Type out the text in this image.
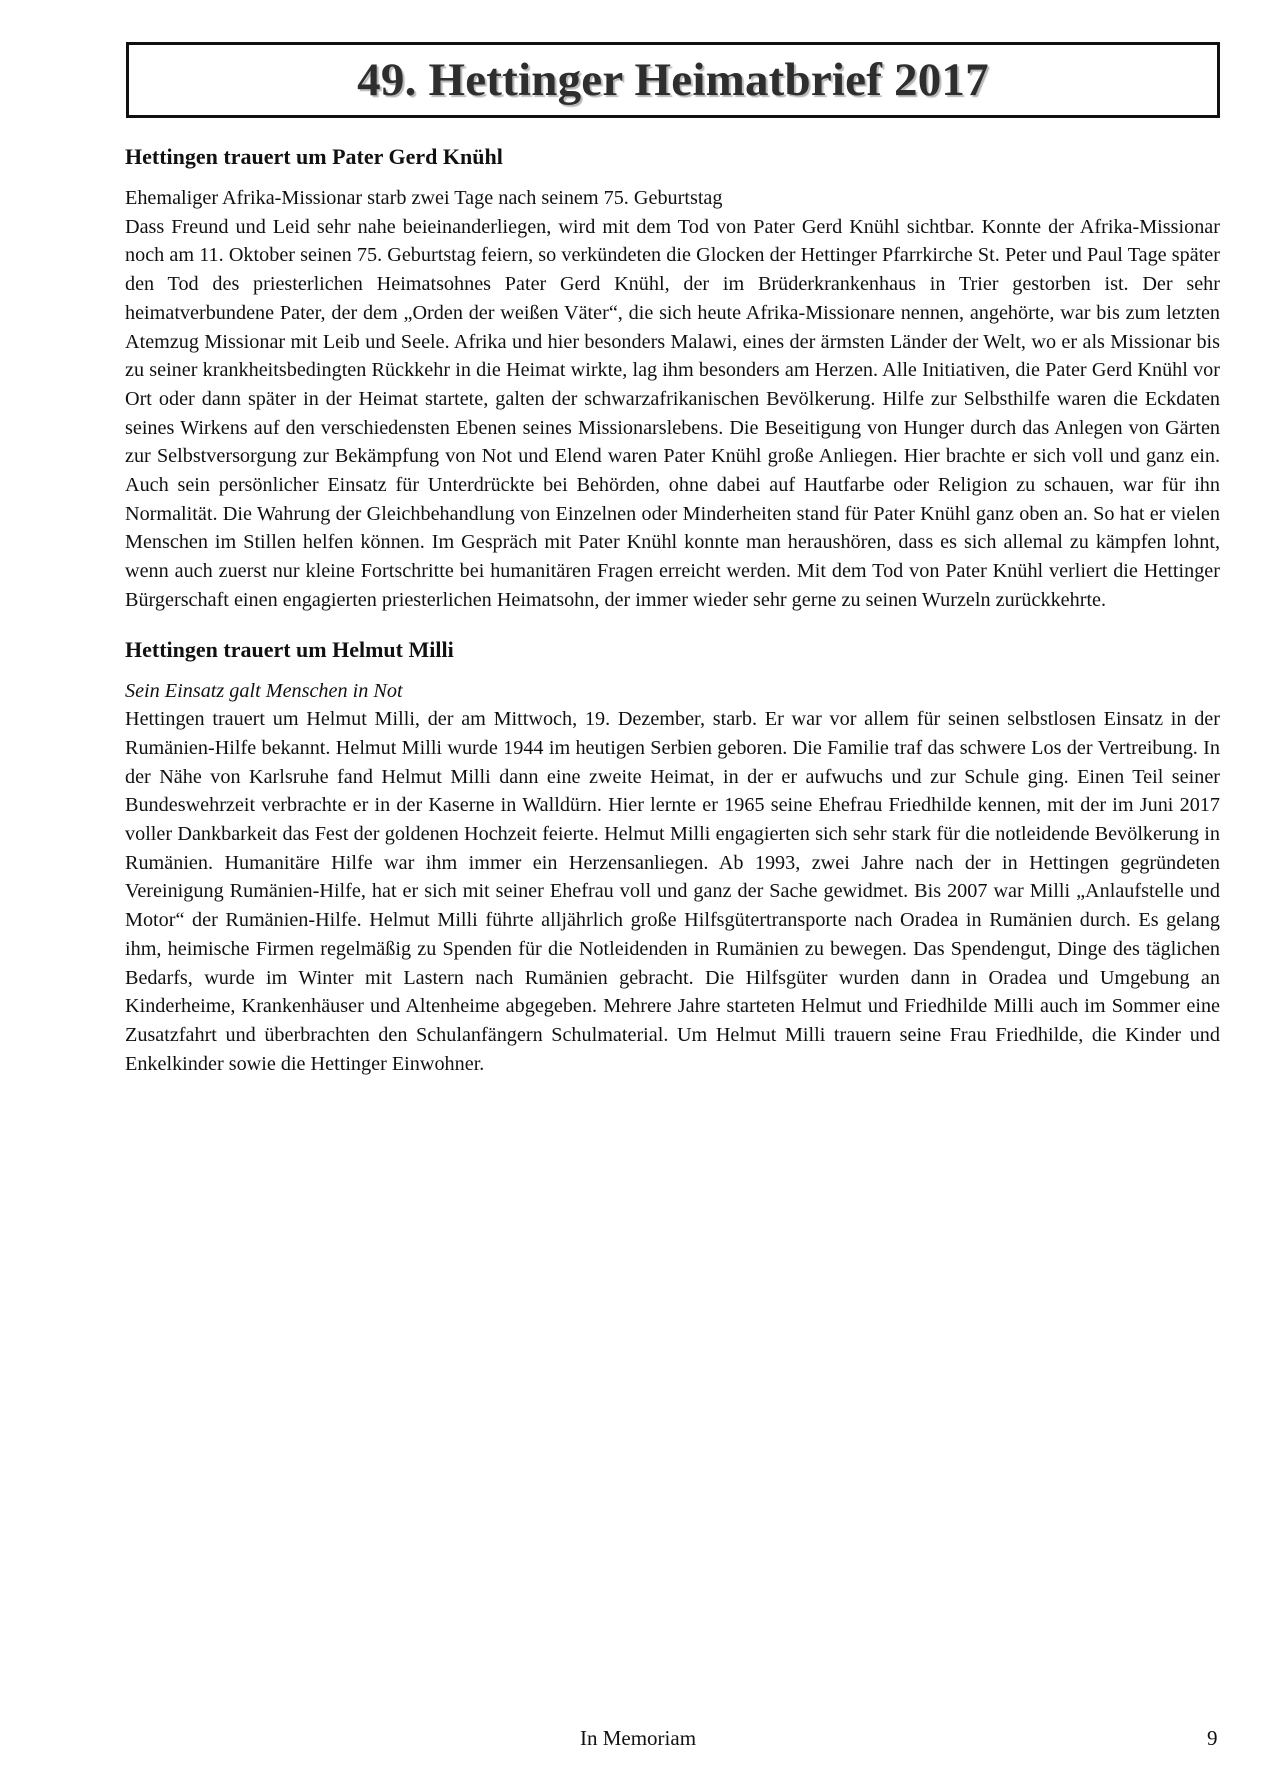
49. Hettinger Heimatbrief 2017
Hettingen trauert um Pater Gerd Knühl

Ehemaliger Afrika-Missionar starb zwei Tage nach seinem 75. Geburtstag

Dass Freund und Leid sehr nahe beieinanderliegen, wird mit dem Tod von Pater Gerd Knühl sichtbar. Konnte der Afrika-Missionar noch am 11. Oktober seinen 75. Geburtstag feiern, so verkündeten die Glocken der Hettinger Pfarrkirche St. Peter und Paul Tage später den Tod des priesterlichen Heimatsohnes Pater Gerd Knühl, der im Brüderkrankenhaus in Trier gestorben ist. Der sehr heimatverbundene Pater, der dem „Orden der weißen Väter“, die sich heute Afrika-Missionare nennen, angehörte, war bis zum letzten Atemzug Missionar mit Leib und Seele. Afrika und hier besonders Malawi, eines der ärmsten Länder der Welt, wo er als Missionar bis zu seiner krankheitsbedingten Rückkehr in die Heimat wirkte, lag ihm besonders am Herzen. Alle Initiativen, die Pater Gerd Knühl vor Ort oder dann später in der Heimat startete, galten der schwarzafrikanischen Bevölkerung. Hilfe zur Selbsthilfe waren die Eckdaten seines Wirkens auf den verschiedensten Ebenen seines Missionarslebens. Die Beseitigung von Hunger durch das Anlegen von Gärten zur Selbstversorgung zur Bekämpfung von Not und Elend waren Pater Knühl große Anliegen. Hier brachte er sich voll und ganz ein. Auch sein persönlicher Einsatz für Unterdrückte bei Behörden, ohne dabei auf Hautfarbe oder Religion zu schauen, war für ihn Normalität. Die Wahrung der Gleichbehandlung von Einzelnen oder Minderheiten stand für Pater Knühl ganz oben an. So hat er vielen Menschen im Stillen helfen können. Im Gespräch mit Pater Knühl konnte man heraushören, dass es sich allemal zu kämpfen lohnt, wenn auch zuerst nur kleine Fortschritte bei humanitären Fragen erreicht werden. Mit dem Tod von Pater Knühl verliert die Hettinger Bürgerschaft einen engagierten priesterlichen Heimatsohn, der immer wieder sehr gerne zu seinen Wurzeln zurückkehrte.

Hettingen trauert um Helmut Milli

Sein Einsatz galt Menschen in Not

Hettingen trauert um Helmut Milli, der am Mittwoch, 19. Dezember, starb. Er war vor allem für seinen selbstlosen Einsatz in der Rumänien-Hilfe bekannt. Helmut Milli wurde 1944 im heutigen Serbien geboren. Die Familie traf das schwere Los der Vertreibung. In der Nähe von Karlsruhe fand Helmut Milli dann eine zweite Heimat, in der er aufwuchs und zur Schule ging. Einen Teil seiner Bundeswehrzeit verbrachte er in der Kaserne in Walldürn. Hier lernte er 1965 seine Ehefrau Friedhilde kennen, mit der im Juni 2017 voller Dankbarkeit das Fest der goldenen Hochzeit feierte. Helmut Milli engagierten sich sehr stark für die notleidende Bevölkerung in Rumänien. Humanitäre Hilfe war ihm immer ein Herzensanliegen. Ab 1993, zwei Jahre nach der in Hettingen gegründeten Vereinigung Rumänien-Hilfe, hat er sich mit seiner Ehefrau voll und ganz der Sache gewidmet. Bis 2007 war Milli „Anlaufstelle und Motor“ der Rumänien-Hilfe. Helmut Milli führte alljährlich große Hilfsgütertransporte nach Oradea in Rumänien durch. Es gelang ihm, heimische Firmen regelmäßig zu Spenden für die Notleidenden in Rumänien zu bewegen. Das Spendengut, Dinge des täglichen Bedarfs, wurde im Winter mit Lastern nach Rumänien gebracht. Die Hilfsgüter wurden dann in Oradea und Umgebung an Kinderheime, Krankenhäuser und Altenheime abgegeben. Mehrere Jahre starteten Helmut und Friedhilde Milli auch im Sommer eine Zusatzfahrt und überbrachten den Schulanfängern Schulmaterial. Um Helmut Milli trauern seine Frau Friedhilde, die Kinder und Enkelkinder sowie die Hettinger Einwohner.

In Memoriam	9
